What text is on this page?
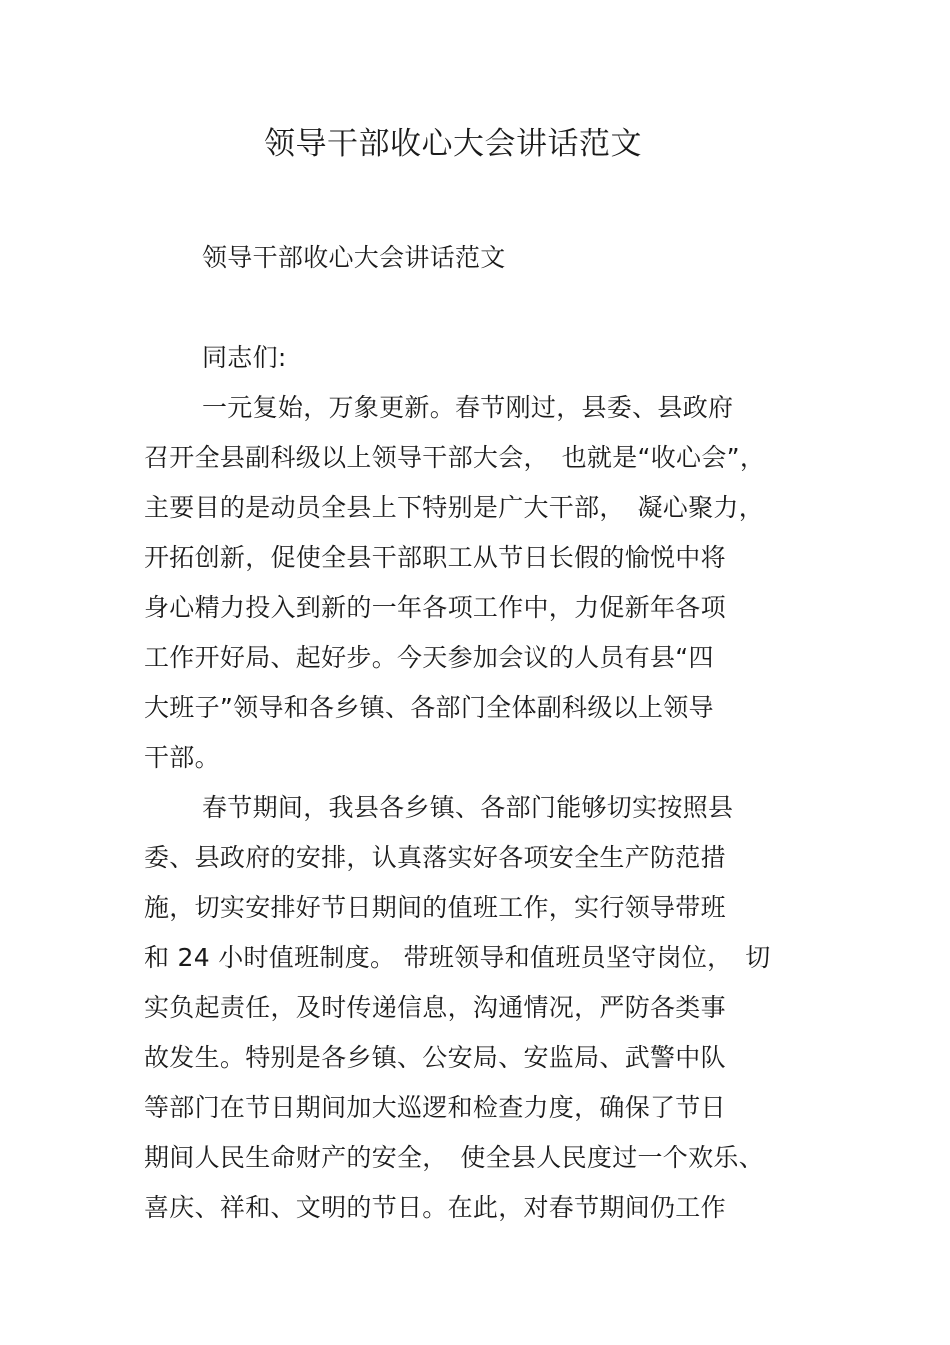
领导干部收心大会讲话范文
领导干部收心大会讲话范文
同志们:
一元复始，万象更新。春节刚过，县委、县政府
召开全县副科级以上领导干部大会，　也就是“收心会”，
主要目的是动员全县上下特别是广大干部，　凝心聚力，
开拓创新，促使全县干部职工从节日长假的愉悦中将
身心精力投入到新的一年各项工作中，力促新年各项
工作开好局、起好步。今天参加会议的人员有县“四
大班子”领导和各乡镇、各部门全体副科级以上领导
干部。
春节期间，我县各乡镇、各部门能够切实按照县
委、县政府的安排，认真落实好各项安全生产防范措
施，切实安排好节日期间的值班工作，实行领导带班
和 24 小时值班制度。 带班领导和值班员坚守岗位，　切
实负起责任，及时传递信息，沟通情况，严防各类事
故发生。特别是各乡镇、公安局、安监局、武警中队
等部门在节日期间加大巡逻和检查力度，确保了节日
期间人民生命财产的安全，　使全县人民度过一个欢乐、
喜庆、祥和、文明的节日。在此，对春节期间仍工作
